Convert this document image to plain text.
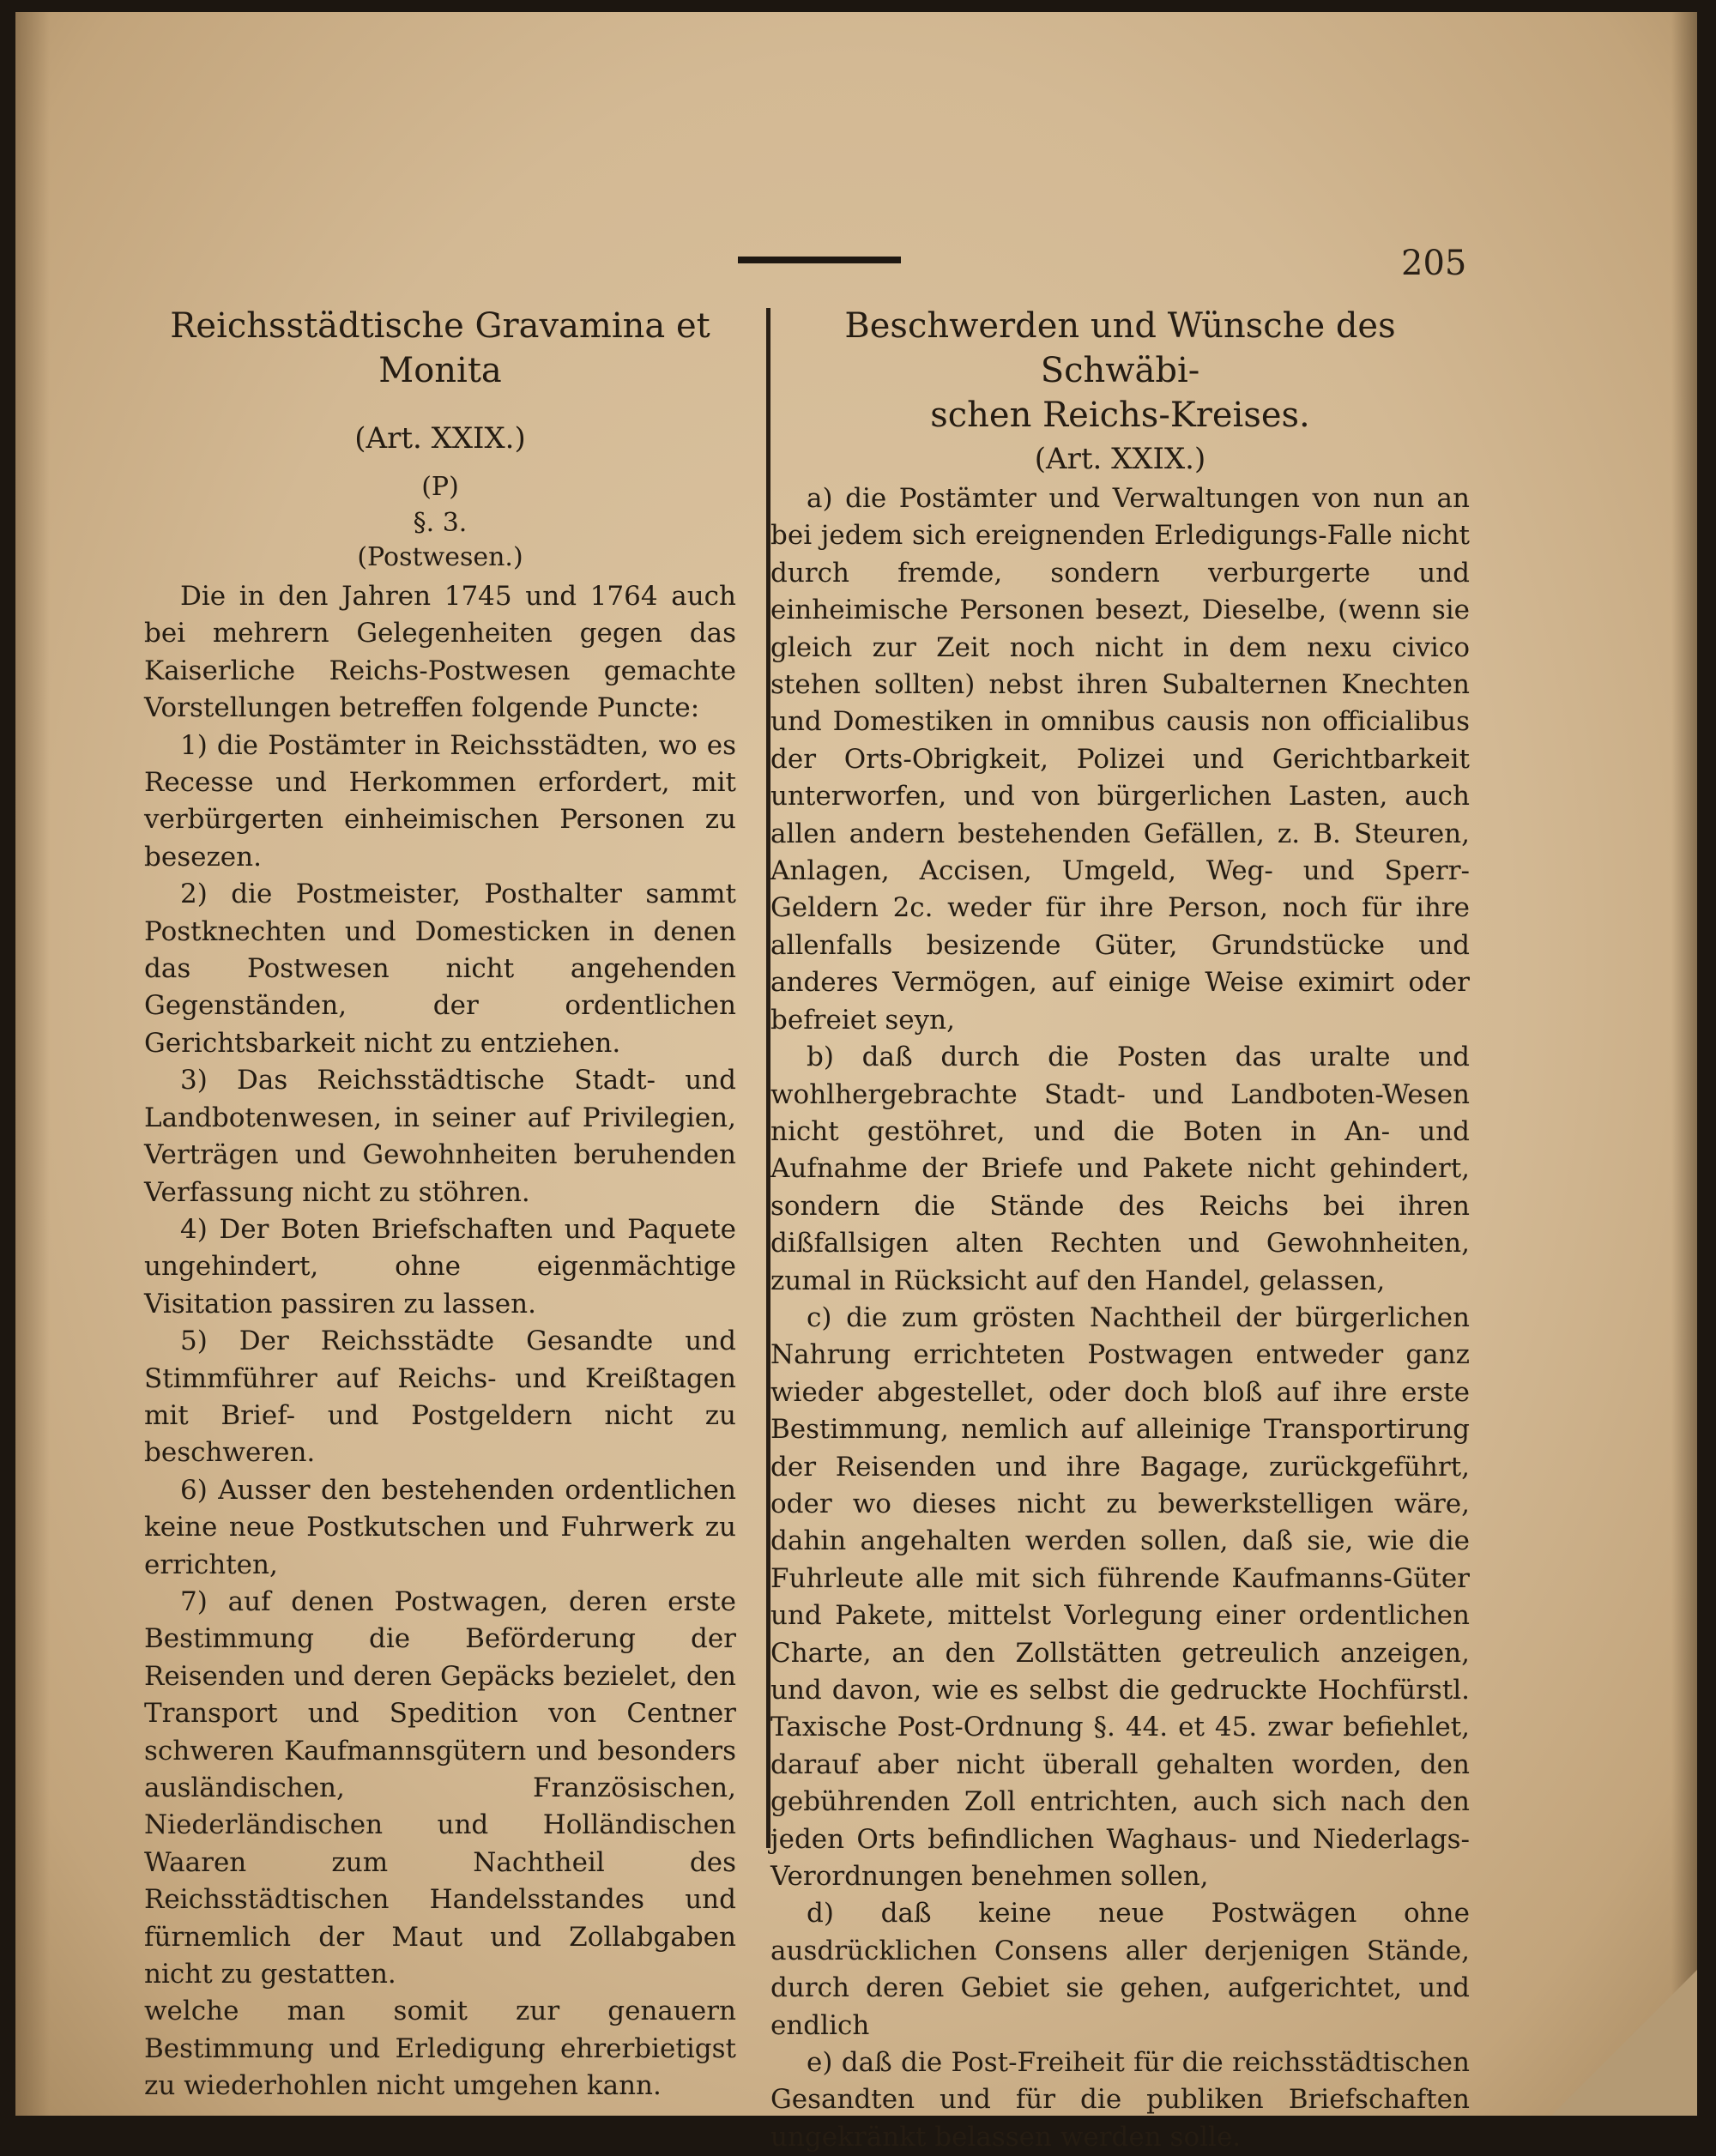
205
Reichsstädtische Gravamina et Monita
(Art. XXIX.)
(P)
§. 3.
(Postwesen.)

Die in den Jahren 1745 und 1764 auch bei mehrern Gelegenheiten gegen das Kaiserliche Reichs-Postwesen gemachte Vorstellungen betreffen folgende Puncte:

1) die Postämter in Reichsstädten, wo es Recesse und Herkommen erfordert, mit verbürgerten einheimischen Personen zu besezen.

2) die Postmeister, Posthalter sammt Postknechten und Domesticken in denen das Postwesen nicht angehenden Gegenständen, der ordentlichen Gerichtsbarkeit nicht zu entziehen.

3) Das Reichsstädtische Stadt- und Landbotenwesen, in seiner auf Privilegien, Verträgen und Gewohnheiten beruhenden Verfassung nicht zu stöhren.

4) Der Boten Briefschaften und Paquete ungehindert, ohne eigenmächtige Visitation passiren zu lassen.

5) Der Reichsstädte Gesandte und Stimmführer auf Reichs- und Kreißtagen mit Brief- und Postgeldern nicht zu beschweren.

6) Ausser den bestehenden ordentlichen keine neue Postkutschen und Fuhrwerk zu errichten,

7) auf denen Postwagen, deren erste Bestimmung die Beförderung der Reisenden und deren Gepäcks bezielet, den Transport und Spedition von Centner schweren Kaufmannsgütern und besonders ausländischen, Französischen, Niederländischen und Holländischen Waaren zum Nachtheil des Reichsstädtischen Handelsstandes und fürnemlich der Maut und Zollabgaben nicht zu gestatten.

welche man somit zur genauern Bestimmung und Erledigung ehrerbietigst zu wiederhohlen nicht umgehen kann.

Beschwerden und Wünsche des Schwäbi-
schen Reichs-Kreises.
(Art. XXIX.)

a) die Postämter und Verwaltungen von nun an bei jedem sich ereignenden Erledigungs-Falle nicht durch fremde, sondern verburgerte und einheimische Personen besezt, Dieselbe, (wenn sie gleich zur Zeit noch nicht in dem nexu civico stehen sollten) nebst ihren Subalternen Knechten und Domestiken in omnibus causis non officialibus der Orts-Obrigkeit, Polizei und Gerichtbarkeit unterworfen, und von bürgerlichen Lasten, auch allen andern bestehenden Gefällen, z. B. Steuren, Anlagen, Accisen, Umgeld, Weg- und Sperr-Geldern 2c. weder für ihre Person, noch für ihre allenfalls besizende Güter, Grundstücke und anderes Vermögen, auf einige Weise eximirt oder befreiet seyn,

b) daß durch die Posten das uralte und wohlhergebrachte Stadt- und Landboten-Wesen nicht gestöhret, und die Boten in An- und Aufnahme der Briefe und Pakete nicht gehindert, sondern die Stände des Reichs bei ihren dißfallsigen alten Rechten und Gewohnheiten, zumal in Rücksicht auf den Handel, gelassen,

c) die zum grösten Nachtheil der bürgerlichen Nahrung errichteten Postwagen entweder ganz wieder abgestellet, oder doch bloß auf ihre erste Bestimmung, nemlich auf alleinige Transportirung der Reisenden und ihre Bagage, zurückgeführt, oder wo dieses nicht zu bewerkstelligen wäre, dahin angehalten werden sollen, daß sie, wie die Fuhrleute alle mit sich führende Kaufmanns-Güter und Pakete, mittelst Vorlegung einer ordentlichen Charte, an den Zollstätten getreulich anzeigen, und davon, wie es selbst die gedruckte Hochfürstl. Taxische Post-Ordnung §. 44. et 45. zwar befiehlet, darauf aber nicht überall gehalten worden, den gebührenden Zoll entrichten, auch sich nach den jeden Orts befindlichen Waghaus- und Niederlags-Verordnungen benehmen sollen,

d) daß keine neue Postwägen ohne ausdrücklichen Consens aller derjenigen Stände, durch deren Gebiet sie gehen, aufgerichtet, und endlich

e) daß die Post-Freiheit für die reichsstädtischen Gesandten und für die publiken Briefschaften ungekränkt belassen werden solle.
